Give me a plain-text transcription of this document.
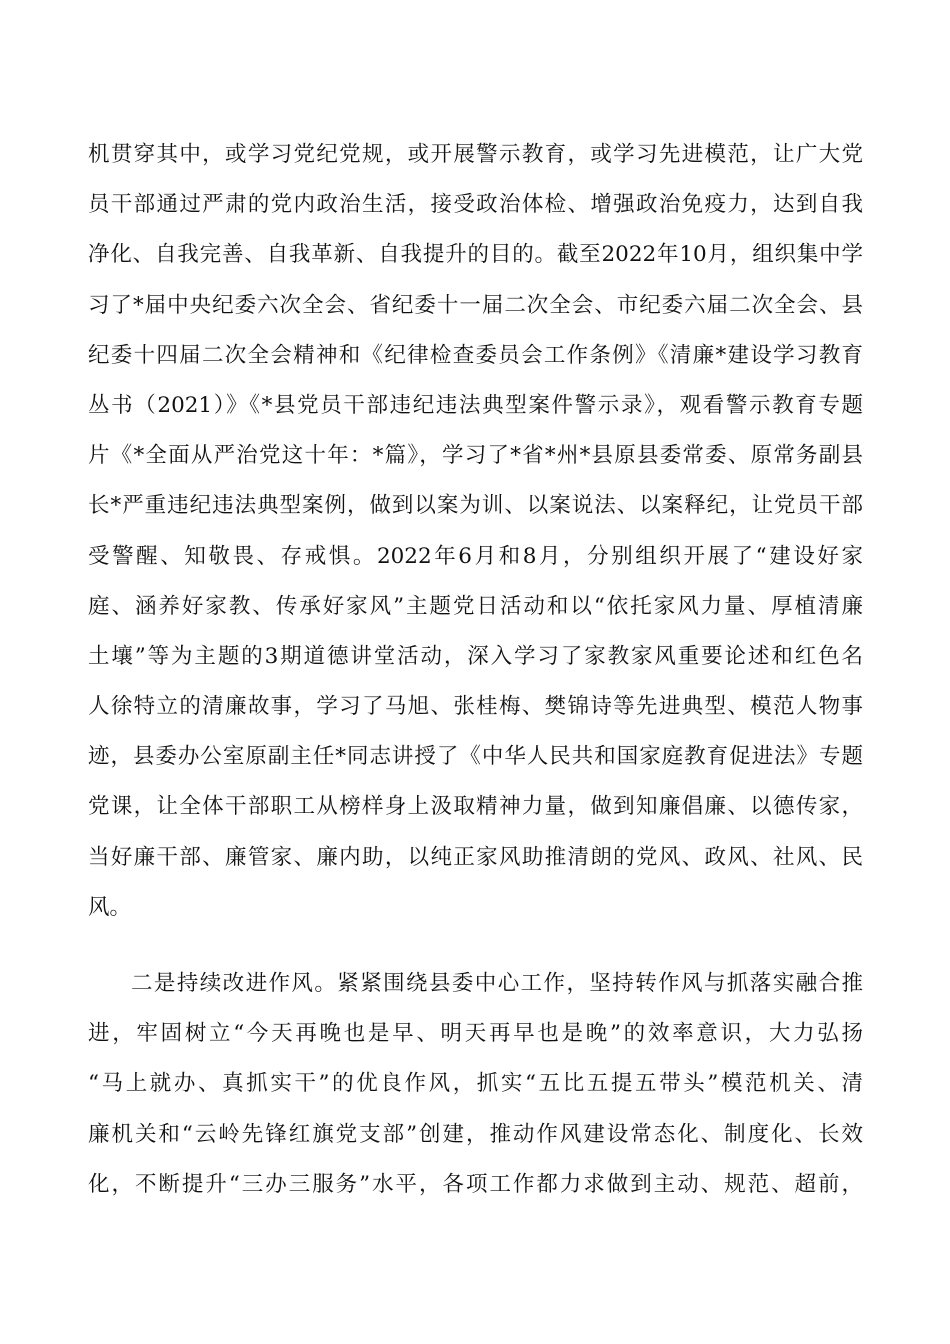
机贯穿其中，或学习党纪党规，或开展警示教育，或学习先进模范，让广大党
员干部通过严肃的党内政治生活，接受政治体检、增强政治免疫力，达到自我
净化、自我完善、自我革新、自我提升的目的。截至2022年10月，组织集中学
习了*届中央纪委六次全会、省纪委十一届二次全会、市纪委六届二次全会、县
纪委十四届二次全会精神和《纪律检查委员会工作条例》《清廉*建设学习教育
丛书（2021）》《*县党员干部违纪违法典型案件警示录》，观看警示教育专题
片《*全面从严治党这十年：*篇》，学习了*省*州*县原县委常委、原常务副县
长*严重违纪违法典型案例，做到以案为训、以案说法、以案释纪，让党员干部
受警醒、知敬畏、存戒惧。2022年6月和8月，分别组织开展了“建设好家
庭、涵养好家教、传承好家风”主题党日活动和以“依托家风力量、厚植清廉
土壤”等为主题的3期道德讲堂活动，深入学习了家教家风重要论述和红色名
人徐特立的清廉故事，学习了马旭、张桂梅、樊锦诗等先进典型、模范人物事
迹，县委办公室原副主任*同志讲授了《中华人民共和国家庭教育促进法》专题
党课，让全体干部职工从榜样身上汲取精神力量，做到知廉倡廉、以德传家，
当好廉干部、廉管家、廉内助，以纯正家风助推清朗的党风、政风、社风、民
风。
二是持续改进作风。紧紧围绕县委中心工作，坚持转作风与抓落实融合推
进，牢固树立“今天再晚也是早、明天再早也是晚”的效率意识，大力弘扬
“马上就办、真抓实干”的优良作风，抓实“五比五提五带头”模范机关、清
廉机关和“云岭先锋红旗党支部”创建，推动作风建设常态化、制度化、长效
化，不断提升“三办三服务”水平，各项工作都力求做到主动、规范、超前，
